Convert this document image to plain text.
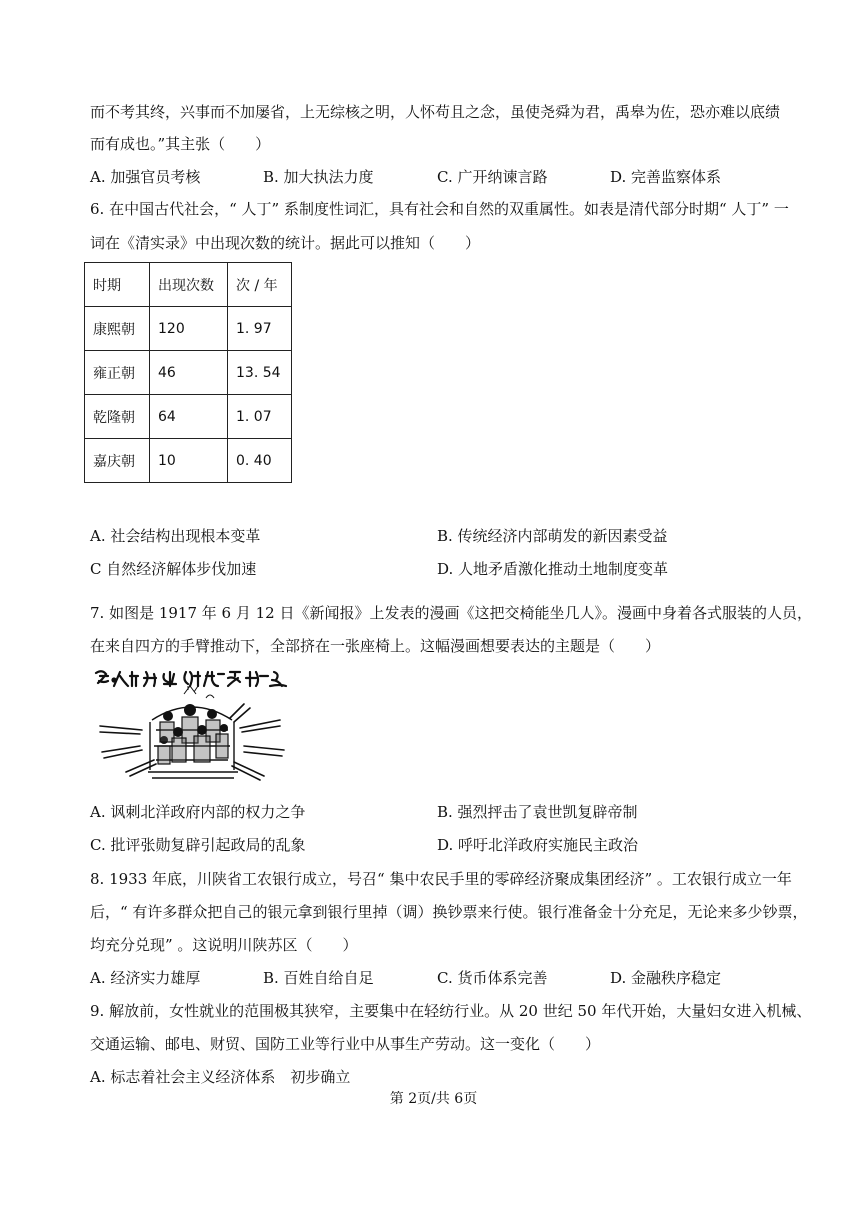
而不考其终，兴事而不加屡省，上无综核之明，人怀苟且之念，虽使尧舜为君，禹皋为佐，恐亦难以底绩
而有成也。”其主张（　　）
A. 加强官员考核	B. 加大执法力度	C. 广开纳谏言路	D. 完善监察体系
6. 在中国古代社会，“ 人丁” 系制度性词汇，具有社会和自然的双重属性。如表是清代部分时期“ 人丁” 一
词在《清实录》中出现次数的统计。据此可以推知（　　）
时期	出现次数	次 / 年
康熙朝	120	1. 97
雍正朝	46	13. 54
乾隆朝	64	1. 07
嘉庆朝	10	0. 40
A. 社会结构出现根本变革	B. 传统经济内部萌发的新因素受益
C 自然经济解体步伐加速	D. 人地矛盾激化推动土地制度变革
7. 如图是 1917 年 6 月 12 日《新闻报》上发表的漫画《这把交椅能坐几人》。漫画中身着各式服装的人员，
在来自四方的手臂推动下，全部挤在一张座椅上。这幅漫画想要表达的主题是（　　）
A. 讽刺北洋政府内部的权力之争	B. 强烈抨击了袁世凯复辟帝制
C. 批评张勋复辟引起政局的乱象	D. 呼吁北洋政府实施民主政治
8. 1933 年底，川陕省工农银行成立，号召“ 集中农民手里的零碎经济聚成集团经济” 。工农银行成立一年
后，“ 有许多群众把自己的银元拿到银行里掉（调）换钞票来行使。银行准备金十分充足，无论来多少钞票，
均充分兑现” 。这说明川陕苏区（　　）
A. 经济实力雄厚	B. 百姓自给自足	C. 货币体系完善	D. 金融秩序稳定
9. 解放前，女性就业的范围极其狭窄，主要集中在轻纺行业。从 20 世纪 50 年代开始，大量妇女进入机械、
交通运输、邮电、财贸、国防工业等行业中从事生产劳动。这一变化（　　）
A. 标志着社会主义经济体系　初步确立
第 2页/共 6页
